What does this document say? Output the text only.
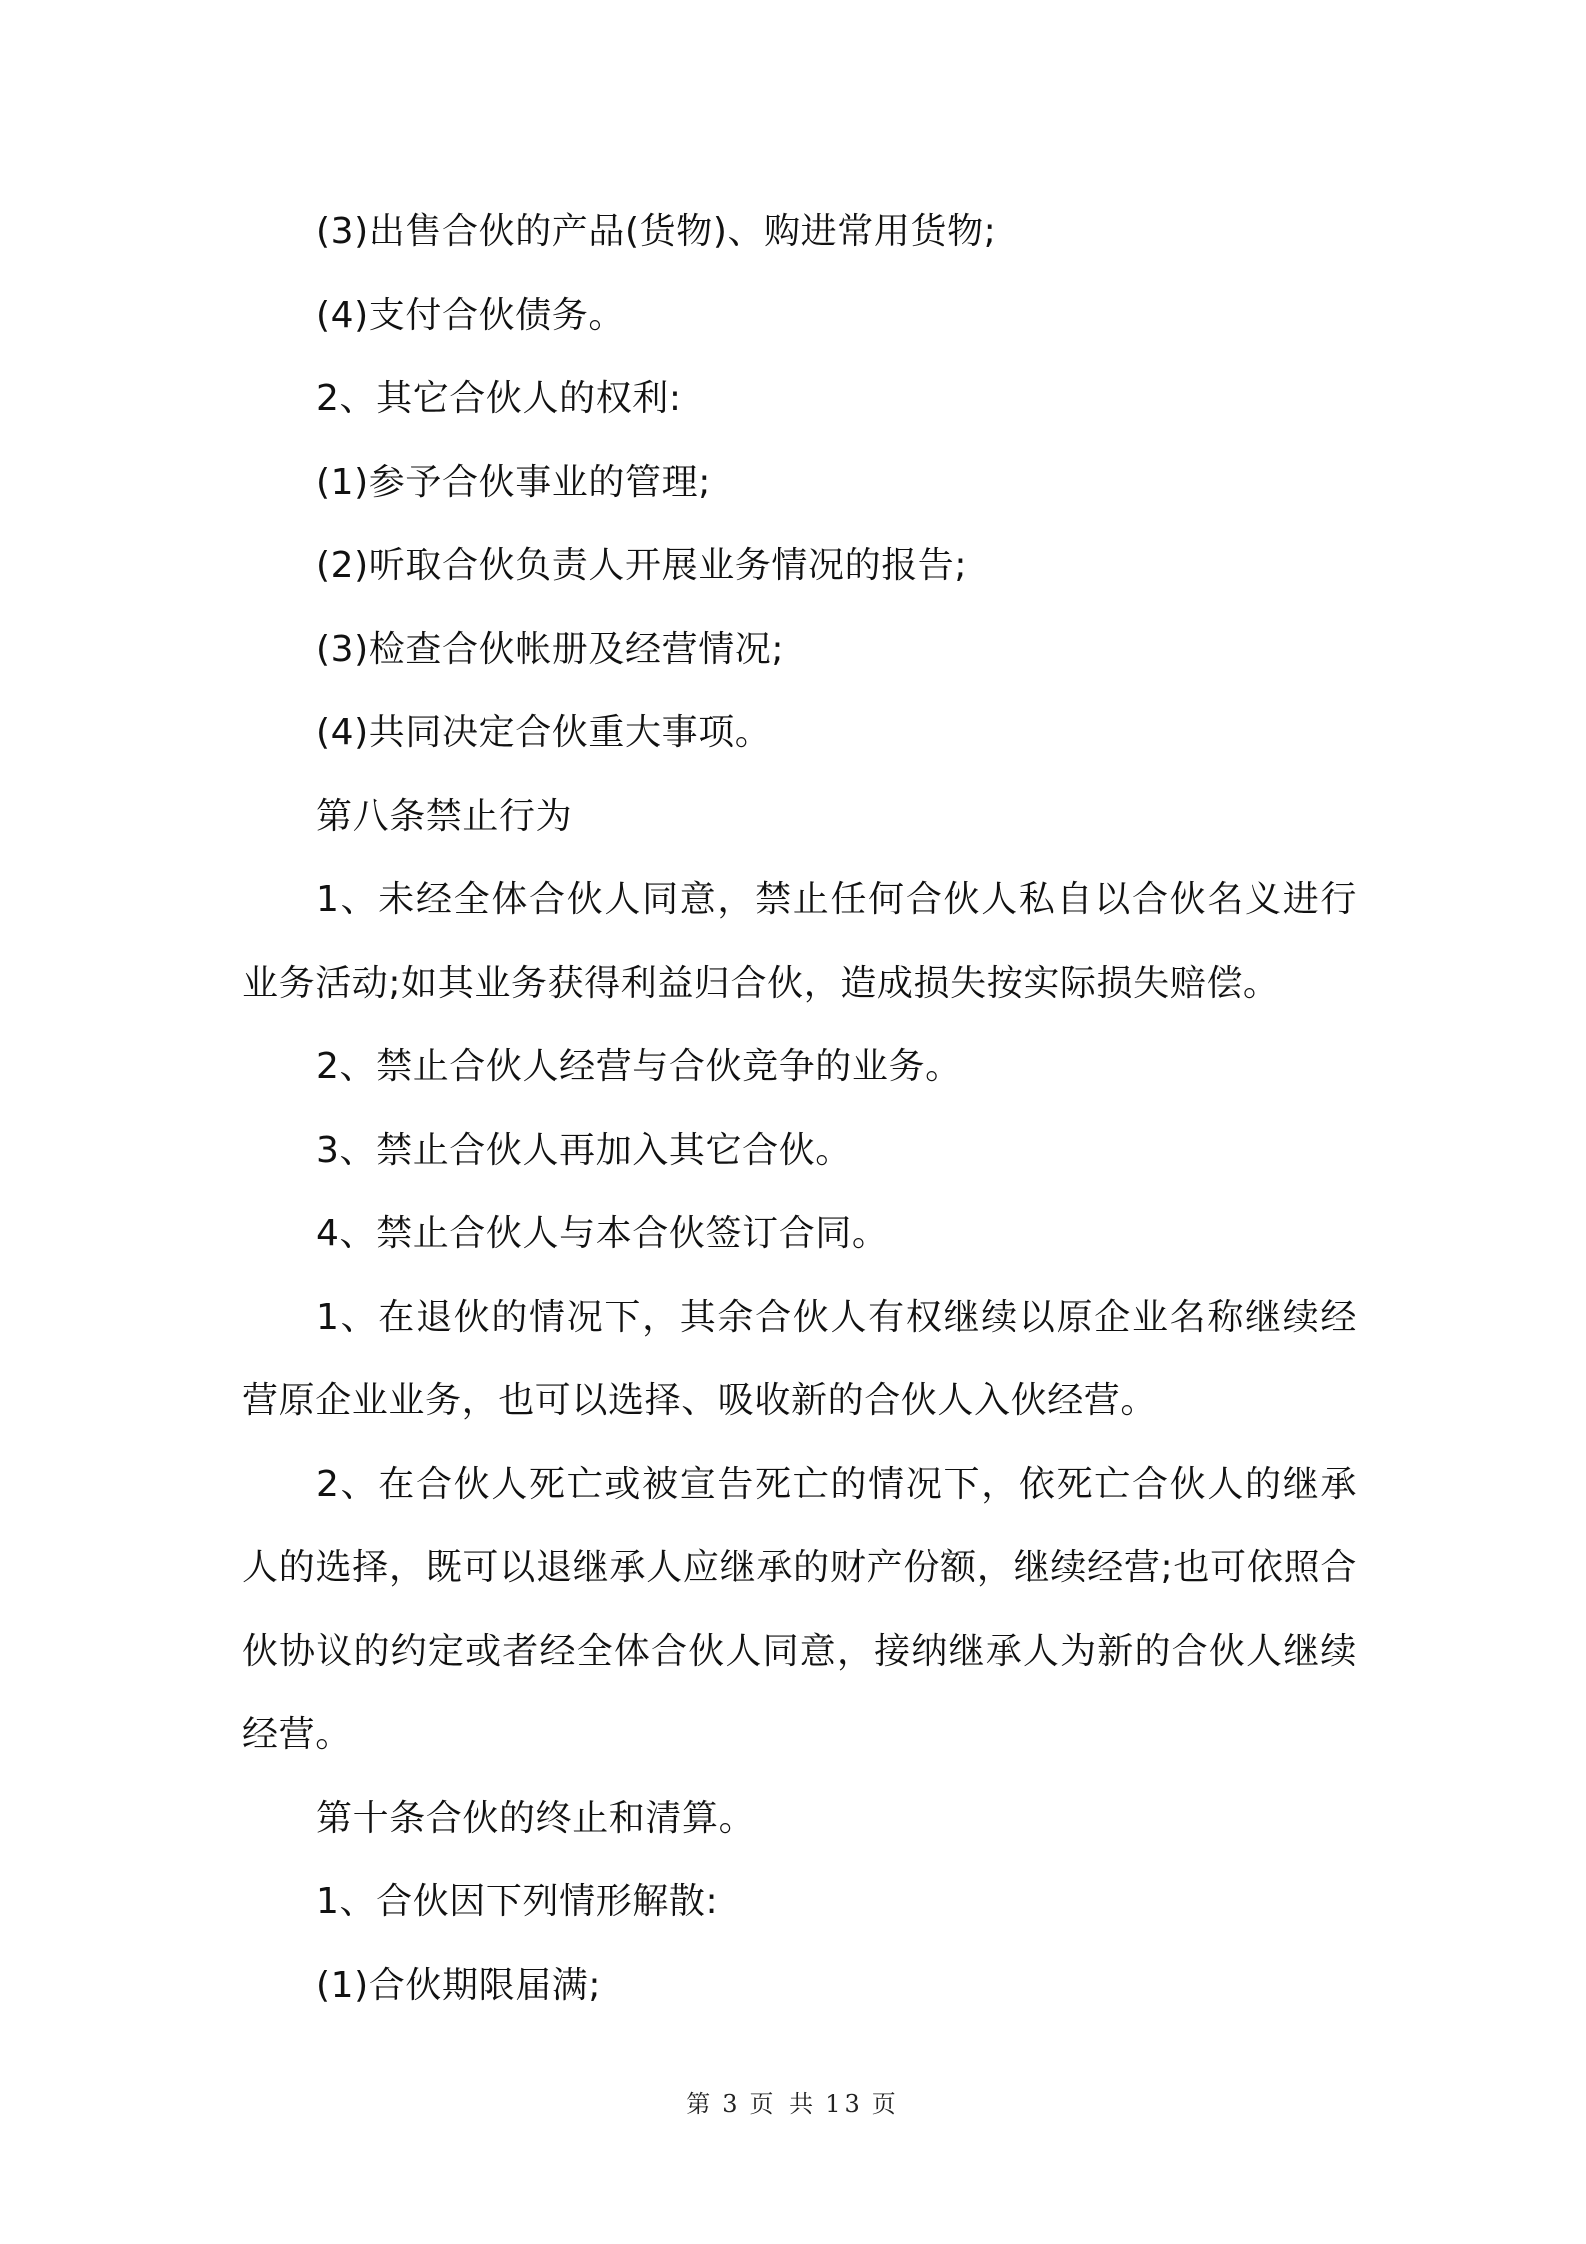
(3)出售合伙的产品(货物)、购进常用货物;

(4)支付合伙债务。

2、其它合伙人的权利:

(1)参予合伙事业的管理;

(2)听取合伙负责人开展业务情况的报告;

(3)检查合伙帐册及经营情况;

(4)共同决定合伙重大事项。

第八条禁止行为

1、未经全体合伙人同意，禁止任何合伙人私自以合伙名义进行业务活动;如其业务获得利益归合伙，造成损失按实际损失赔偿。

2、禁止合伙人经营与合伙竞争的业务。

3、禁止合伙人再加入其它合伙。

4、禁止合伙人与本合伙签订合同。

1、在退伙的情况下，其余合伙人有权继续以原企业名称继续经营原企业业务，也可以选择、吸收新的合伙人入伙经营。

2、在合伙人死亡或被宣告死亡的情况下，依死亡合伙人的继承人的选择，既可以退继承人应继承的财产份额，继续经营;也可依照合伙协议的约定或者经全体合伙人同意，接纳继承人为新的合伙人继续经营。

第十条合伙的终止和清算。

1、合伙因下列情形解散:

(1)合伙期限届满;

第 3 页 共 13 页
